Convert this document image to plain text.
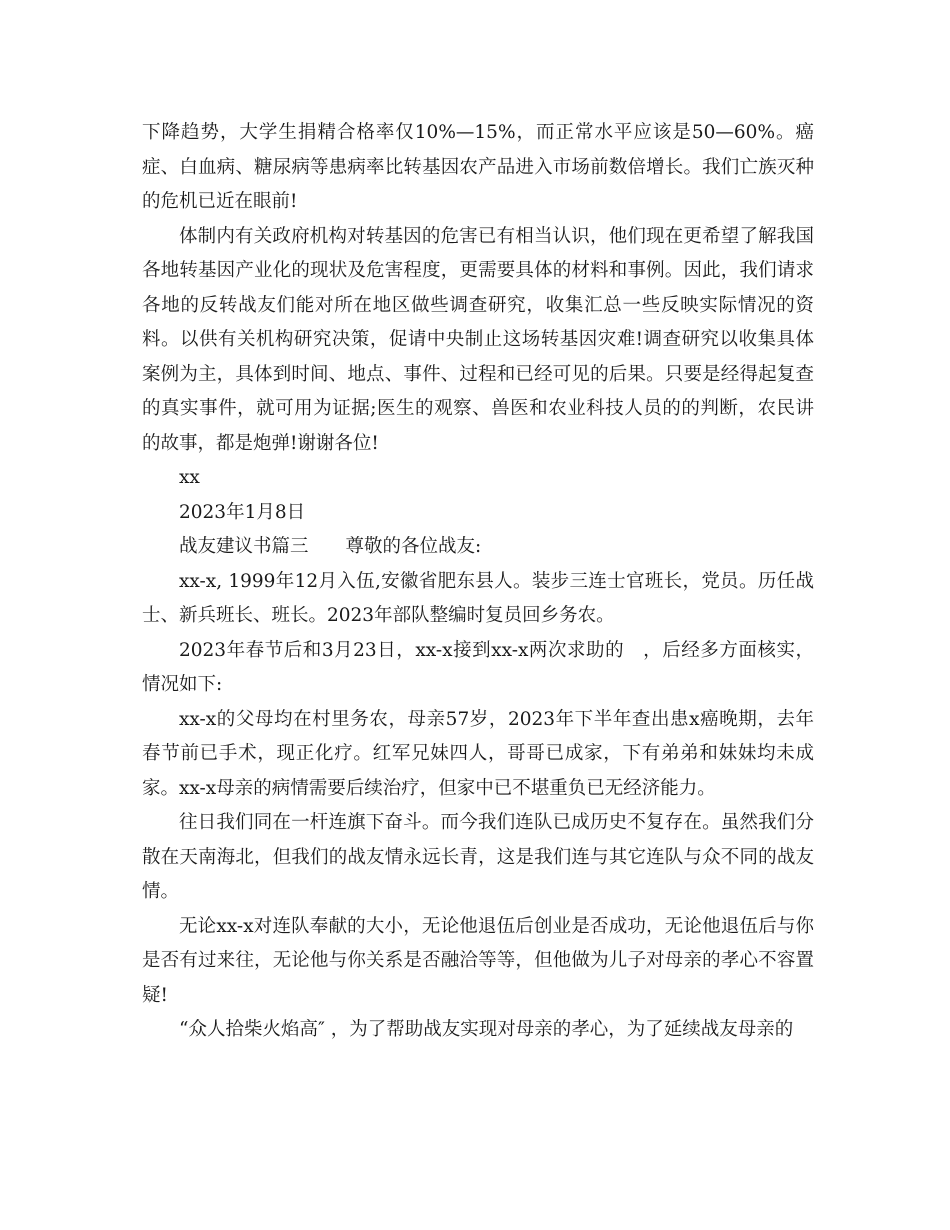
下降趋势，大学生捐精合格率仅10%—15%，而正常水平应该是50—60%。癌症、白血病、糖尿病等患病率比转基因农产品进入市场前数倍增长。我们亡族灭种的危机已近在眼前!

体制内有关政府机构对转基因的危害已有相当认识，他们现在更希望了解我国各地转基因产业化的现状及危害程度，更需要具体的材料和事例。因此，我们请求各地的反转战友们能对所在地区做些调查研究，收集汇总一些反映实际情况的资料。以供有关机构研究决策，促请中央制止这场转基因灾难!调查研究以收集具体案例为主，具体到时间、地点、事件、过程和已经可见的后果。只要是经得起复查的真实事件，就可用为证据;医生的观察、兽医和农业科技人员的的判断，农民讲的故事，都是炮弹!谢谢各位!

xx

2023年1月8日

战友建议书篇三　　尊敬的各位战友:

xx-x, 1999年12月入伍,安徽省肥东县人。装步三连士官班长，党员。历任战士、新兵班长、班长。2023年部队整编时复员回乡务农。

2023年春节后和3月23日，xx-x接到xx-x两次求助的　，后经多方面核实，情况如下:

xx-x的父母均在村里务农，母亲57岁，2023年下半年查出患x癌晚期，去年春节前已手术，现正化疗。红军兄妹四人，哥哥已成家，下有弟弟和妹妹均未成家。xx-x母亲的病情需要后续治疗，但家中已不堪重负已无经济能力。

往日我们同在一杆连旗下奋斗。而今我们连队已成历史不复存在。虽然我们分散在天南海北，但我们的战友情永远长青，这是我们连与其它连队与众不同的战友情。

无论xx-x对连队奉献的大小，无论他退伍后创业是否成功，无论他退伍后与你是否有过来往，无论他与你关系是否融洽等等，但他做为儿子对母亲的孝心不容置疑!

“众人拾柴火焰高″ ，为了帮助战友实现对母亲的孝心，为了延续战友母亲的
